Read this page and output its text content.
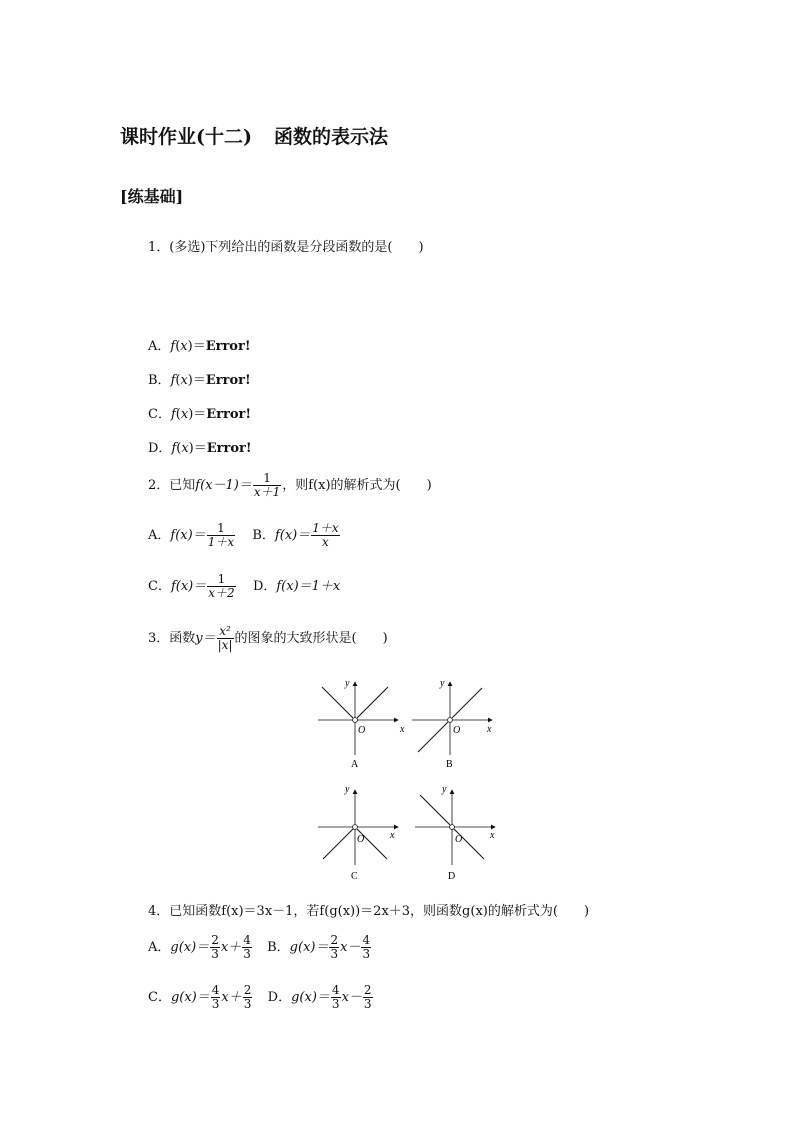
课时作业(十二) 函数的表示法
[练基础]
1．(多选)下列给出的函数是分段函数的是( )
A．f(x)＝Error!
B．f(x)＝Error!
C．f(x)＝Error!
D．f(x)＝Error!
2．已知$f(x-1)= \frac{1}{x+1}$ ，则f(x)的解析式为( )
A．$f(x)= \frac{1}{1+x}$ B．$f(x)= \frac{1+x}{x}$
C．$f(x)= \frac{1}{x+2}$ D．f(x)＝1＋x
3．函数$y= \frac{\text{x²}}{|x|}$ 的图象的大致形状是( )
x
y
O
A
x
y
O
B
x
y
O
C
x
y
O
D
4．已知函数f(x)＝3x－1，若f(g(x))＝2x＋3，则函数g(x)的解析式为( )
A．$g(x)= \frac{2}{3} x+ \frac{4}{3}$ B．$g(x)= \frac{2}{3} x- \frac{4}{3}$
C．$g(x)= \frac{4}{3} x+ \frac{2}{3}$ D．$g(x)= \frac{4}{3} x- \frac{2}{3}$
